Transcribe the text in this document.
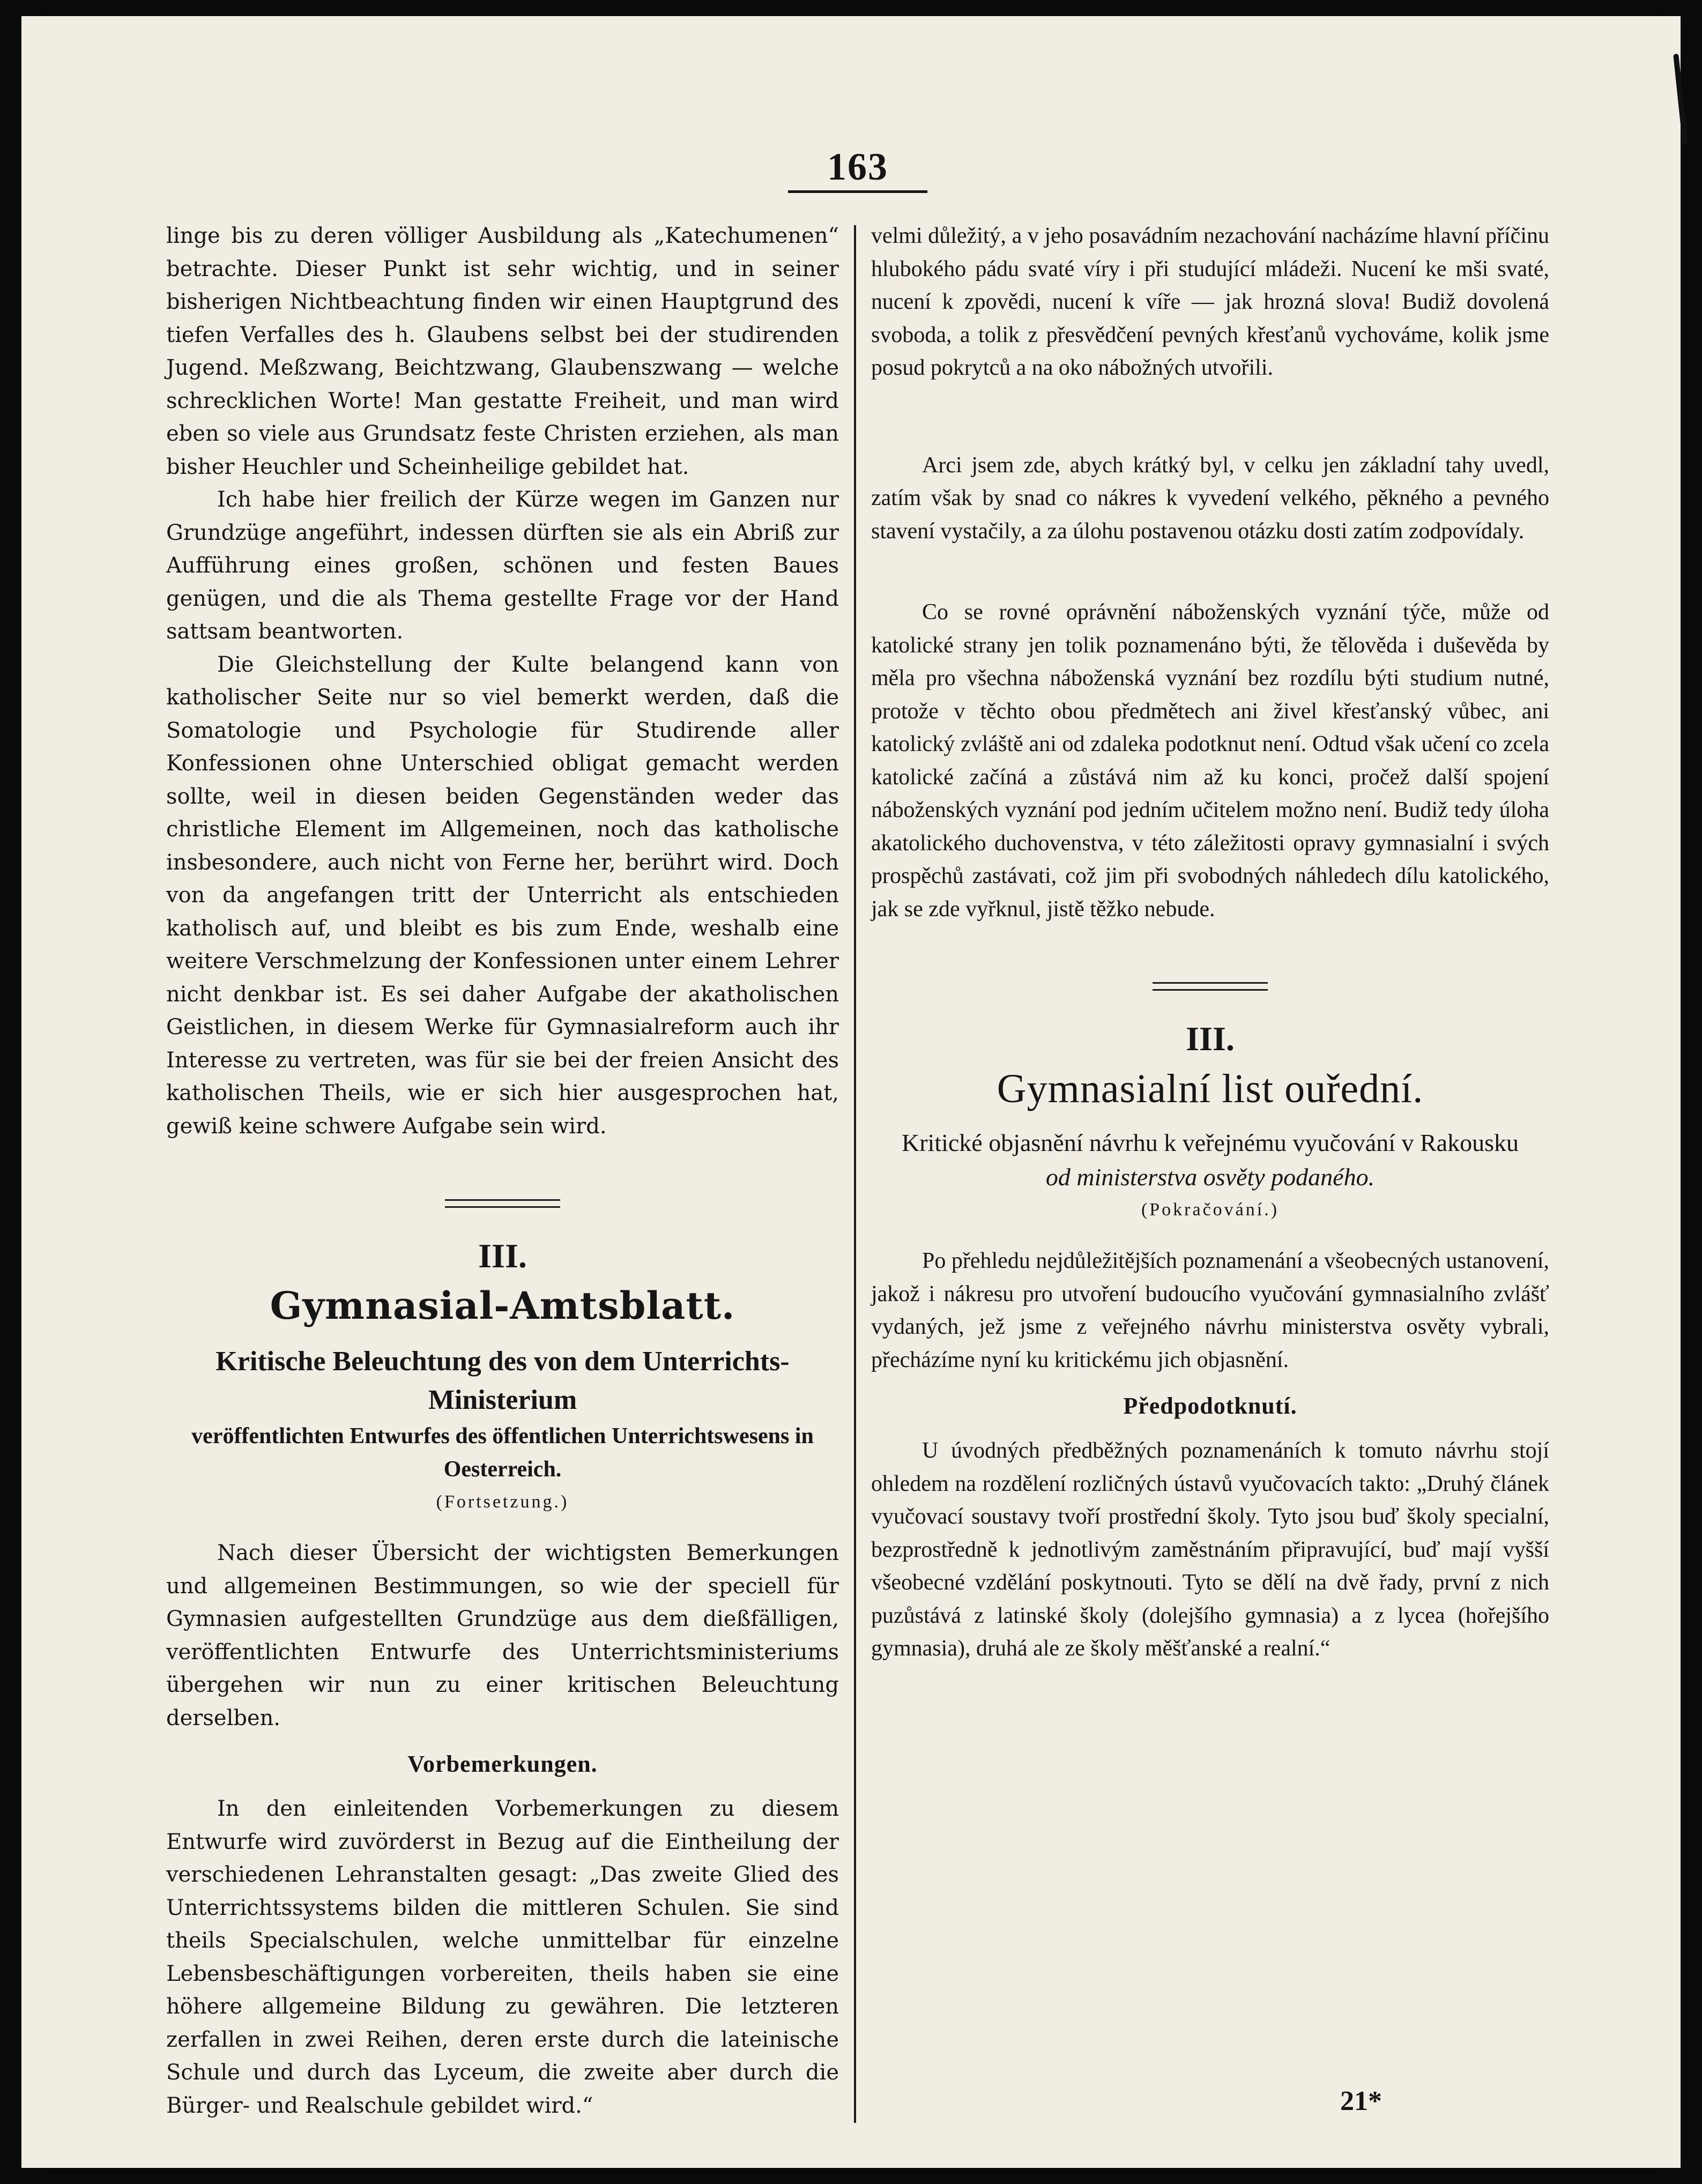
163

linge bis zu deren völliger Ausbildung als „Katechumenen“ betrachte. Dieser Punkt ist sehr wichtig, und in seiner bisherigen Nichtbeachtung finden wir einen Hauptgrund des tiefen Verfalles des h. Glaubens selbst bei der studirenden Jugend. Meßzwang, Beichtzwang, Glaubenszwang — welche schrecklichen Worte! Man gestatte Freiheit, und man wird eben so viele aus Grundsatz feste Christen erziehen, als man bisher Heuchler und Scheinheilige gebildet hat.

Ich habe hier freilich der Kürze wegen im Ganzen nur Grundzüge angeführt, indessen dürften sie als ein Abriß zur Aufführung eines großen, schönen und festen Baues genügen, und die als Thema gestellte Frage vor der Hand sattsam beantworten.

Die Gleichstellung der Kulte belangend kann von katholischer Seite nur so viel bemerkt werden, daß die Somatologie und Psychologie für Studirende aller Konfessionen ohne Unterschied obligat gemacht werden sollte, weil in diesen beiden Gegenständen weder das christliche Element im Allgemeinen, noch das katholische insbesondere, auch nicht von Ferne her, berührt wird. Doch von da angefangen tritt der Unterricht als entschieden katholisch auf, und bleibt es bis zum Ende, weshalb eine weitere Verschmelzung der Konfessionen unter einem Lehrer nicht denkbar ist. Es sei daher Aufgabe der akatholischen Geistlichen, in diesem Werke für Gymnasialreform auch ihr Interesse zu vertreten, was für sie bei der freien Ansicht des katholischen Theils, wie er sich hier ausgesprochen hat, gewiß keine schwere Aufgabe sein wird.

III.
Gymnasial-Amtsblatt.
Kritische Beleuchtung des von dem Unterrichts-Ministerium
veröffentlichten Entwurfes des öffentlichen Unterrichtswesens in Oesterreich.
(Fortsetzung.)

Nach dieser Übersicht der wichtigsten Bemerkungen und allgemeinen Bestimmungen, so wie der speciell für Gymnasien aufgestellten Grundzüge aus dem dießfälligen, veröffentlichten Entwurfe des Unterrichtsministeriums übergehen wir nun zu einer kritischen Beleuchtung derselben.

Vorbemerkungen.

In den einleitenden Vorbemerkungen zu diesem Entwurfe wird zuvörderst in Bezug auf die Eintheilung der verschiedenen Lehranstalten gesagt: „Das zweite Glied des Unterrichtssystems bilden die mittleren Schulen. Sie sind theils Specialschulen, welche unmittelbar für einzelne Lebensbeschäftigungen vorbereiten, theils haben sie eine höhere allgemeine Bildung zu gewähren. Die letzteren zerfallen in zwei Reihen, deren erste durch die lateinische Schule und durch das Lyceum, die zweite aber durch die Bürger- und Realschule gebildet wird.“

velmi důležitý, a v jeho posavádním nezachování nacházíme hlavní příčinu hlubokého pádu svaté víry i při studující mládeži. Nucení ke mši svaté, nucení k zpovědi, nucení k víře — jak hrozná slova! Budiž dovolená svoboda, a tolik z přesvědčení pevných křesťanů vychováme, kolik jsme posud pokrytců a na oko nábožných utvořili.

Arci jsem zde, abych krátký byl, v celku jen základní tahy uvedl, zatím však by snad co nákres k vyvedení velkého, pěkného a pevného stavení vystačily, a za úlohu postavenou otázku dosti zatím zodpovídaly.

Co se rovné oprávnění náboženských vyznání týče, může od katolické strany jen tolik poznamenáno býti, že tělověda i duševěda by měla pro všechna náboženská vyznání bez rozdílu býti studium nutné, protože v těchto obou předmětech ani živel křesťanský vůbec, ani katolický zvláště ani od zdaleka podotknut není. Odtud však učení co zcela katolické začíná a zůstává nim až ku konci, pročež další spojení náboženských vyznání pod jedním učitelem možno není. Budiž tedy úloha akatolického duchovenstva, v této záležitosti opravy gymnasialní i svých prospěchů zastávati, což jim při svobodných náhledech dílu katolického, jak se zde vyřknul, jistě těžko nebude.

III.
Gymnasialní list ouřední.
Kritické objasnění návrhu k veřejnému vyučování v Rakousku
od ministerstva osvěty podaného.
(Pokračování.)

Po přehledu nejdůležitějších poznamenání a všeobecných ustanovení, jakož i nákresu pro utvoření budoucího vyučování gymnasialního zvlášť vydaných, jež jsme z veřejného návrhu ministerstva osvěty vybrali, přecházíme nyní ku kritickému jich objasnění.

Předpodotknutí.

U úvodných předběžných poznamenáních k tomuto návrhu stojí ohledem na rozdělení rozličných ústavů vyučovacích takto: „Druhý článek vyučovací soustavy tvoří prostřední školy. Tyto jsou buď školy specialní, bezprostředně k jednotlivým zaměstnáním připravující, buď mají vyšší všeobecné vzdělání poskytnouti. Tyto se dělí na dvě řady, první z nich puzůstává z latinské školy (dolejšího gymnasia) a z lycea (hořejšího gymnasia), druhá ale ze školy měšťanské a realní.“

21*
